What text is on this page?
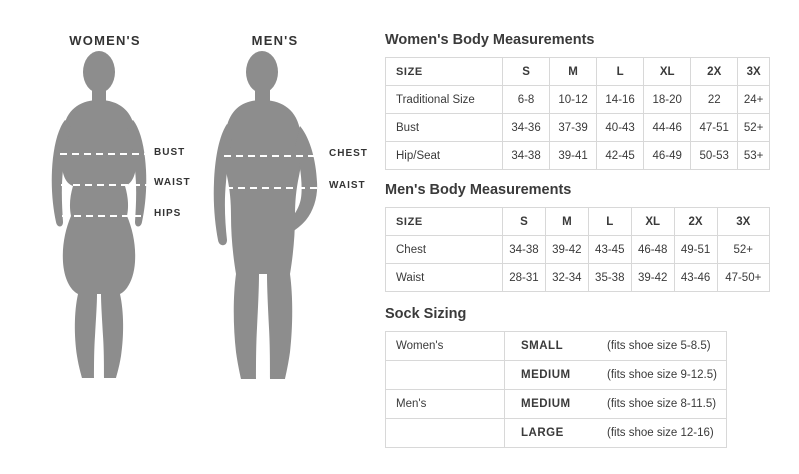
WOMEN'S	MEN'S
BUST
WAIST
HIPS
CHEST
WAIST
Women's Body Measurements
SIZE	S	M	L	XL	2X	3X
Traditional Size	6-8	10-12	14-16	18-20	22	24+
Bust	34-36	37-39	40-43	44-46	47-51	52+
Hip/Seat	34-38	39-41	42-45	46-49	50-53	53+
Men's Body Measurements
SIZE	S	M	L	XL	2X	3X
Chest	34-38	39-42	43-45	46-48	49-51	52+
Waist	28-31	32-34	35-38	39-42	43-46	47-50+
Sock Sizing
Women's	SMALL	(fits shoe size 5-8.5)
	MEDIUM	(fits shoe size 9-12.5)
Men's	MEDIUM	(fits shoe size 8-11.5)
	LARGE	(fits shoe size 12-16)
